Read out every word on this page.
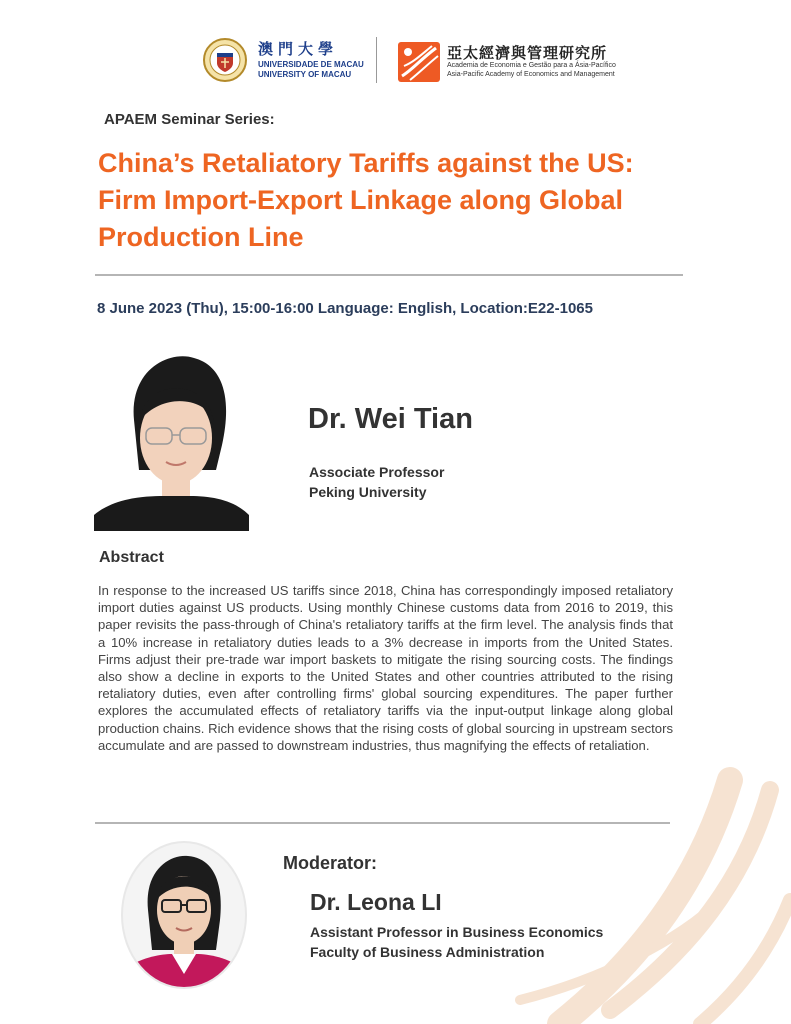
澳門大學
UNIVERSIDADE DE MACAU
UNIVERSITY OF MACAU
亞太經濟與管理研究所
Academia de Economia e Gestão para a Ásia-Pacífico
Asia-Pacific Academy of Economics and Management
APAEM Seminar Series:
China’s Retaliatory Tariffs against the US: Firm Import-Export Linkage along Global Production Line
8 June 2023 (Thu), 15:00-16:00 Language: English, Location:E22-1065
Dr. Wei Tian
Associate Professor
Peking University
Abstract

In response to the increased US tariffs since 2018, China has correspondingly imposed retaliatory import duties against US products. Using monthly Chinese customs data from 2016 to 2019, this paper revisits the pass-through of China's retaliatory tariffs at the firm level. The analysis finds that a 10% increase in retaliatory duties leads to a 3% decrease in imports from the United States. Firms adjust their pre-trade war import baskets to mitigate the rising sourcing costs. The findings also show a decline in exports to the United States and other countries attributed to the rising retaliatory duties, even after controlling firms' global sourcing expenditures. The paper further explores the accumulated effects of retaliatory tariffs via the input-output linkage along global production chains. Rich evidence shows that the rising costs of global sourcing in upstream sectors accumulate and are passed to downstream industries, thus magnifying the effects of retaliation.

Moderator:
Dr. Leona LI
Assistant Professor in Business Economics
Faculty of Business Administration
